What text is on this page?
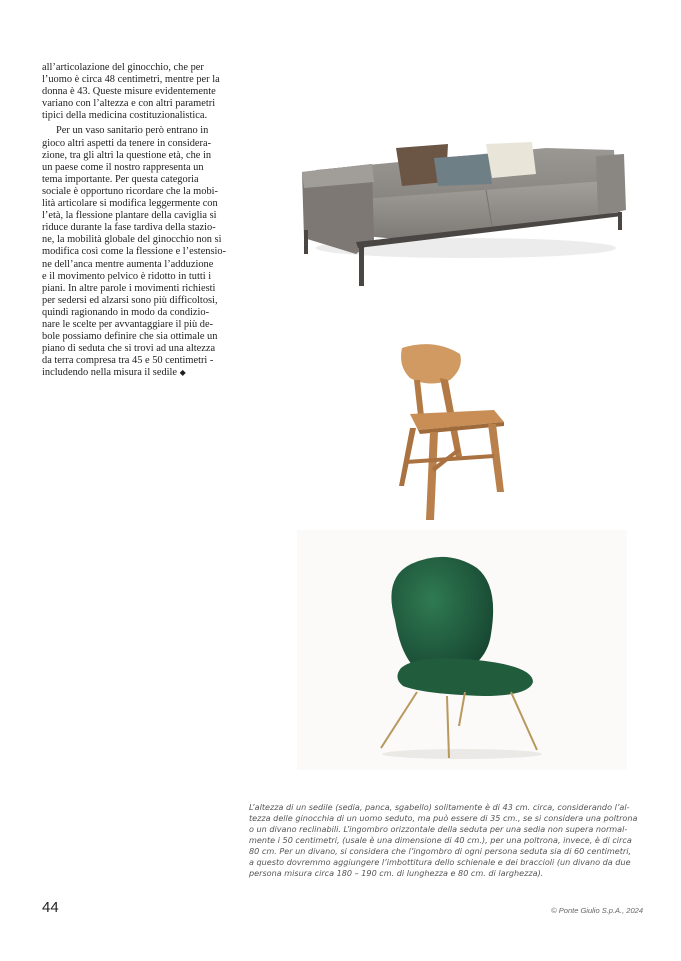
all’articolazione del ginocchio, che per
l’uomo è circa 48 centimetri, mentre per la
donna è 43. Queste misure evidentemente
variano con l’altezza e con altri parametri
tipici della medicina costituzionalistica.

Per un vaso sanitario però entrano in
gioco altri aspetti da tenere in considera-
zione, tra gli altri la questione età, che in
un paese come il nostro rappresenta un
tema importante. Per questa categoria
sociale è opportuno ricordare che la mobi-
lità articolare si modifica leggermente con
l’età, la flessione plantare della caviglia si
riduce durante la fase tardiva della stazio-
ne, la mobilità globale del ginocchio non si
modifica così come la flessione e l’estensio-
ne dell’anca mentre aumenta l’adduzione
e il movimento pelvico è ridotto in tutti i
piani. In altre parole i movimenti richiesti
per sedersi ed alzarsi sono più difficoltosi,
quindi ragionando in modo da condizio-
nare le scelte per avvantaggiare il più de-
bole possiamo definire che sia ottimale un
piano di seduta che si trovi ad una altezza
da terra compresa tra 45 e 50 centimetri -
includendo nella misura il sedile ◆

L’altezza di un sedile (sedia, panca, sgabello) solitamente è di 43 cm. circa, considerando l’al-
tezza delle ginocchia di un uomo seduto, ma può essere di 35 cm., se si considera una poltrona
o un divano reclinabili. L’ingombro orizzontale della seduta per una sedia non supera normal-
mente i 50 centimetri, (usale è una dimensione di 40 cm.), per una poltrona, invece, è di circa
80 cm. Per un divano, si considera che l’ingombro di ogni persona seduta sia di 60 centimetri,
a questo dovremmo aggiungere l’imbottitura dello schienale e dei braccioli (un divano da due
persona misura circa 180 – 190 cm. di lunghezza e 80 cm. di larghezza).
44	© Ponte Giulio S.p.A., 2024
